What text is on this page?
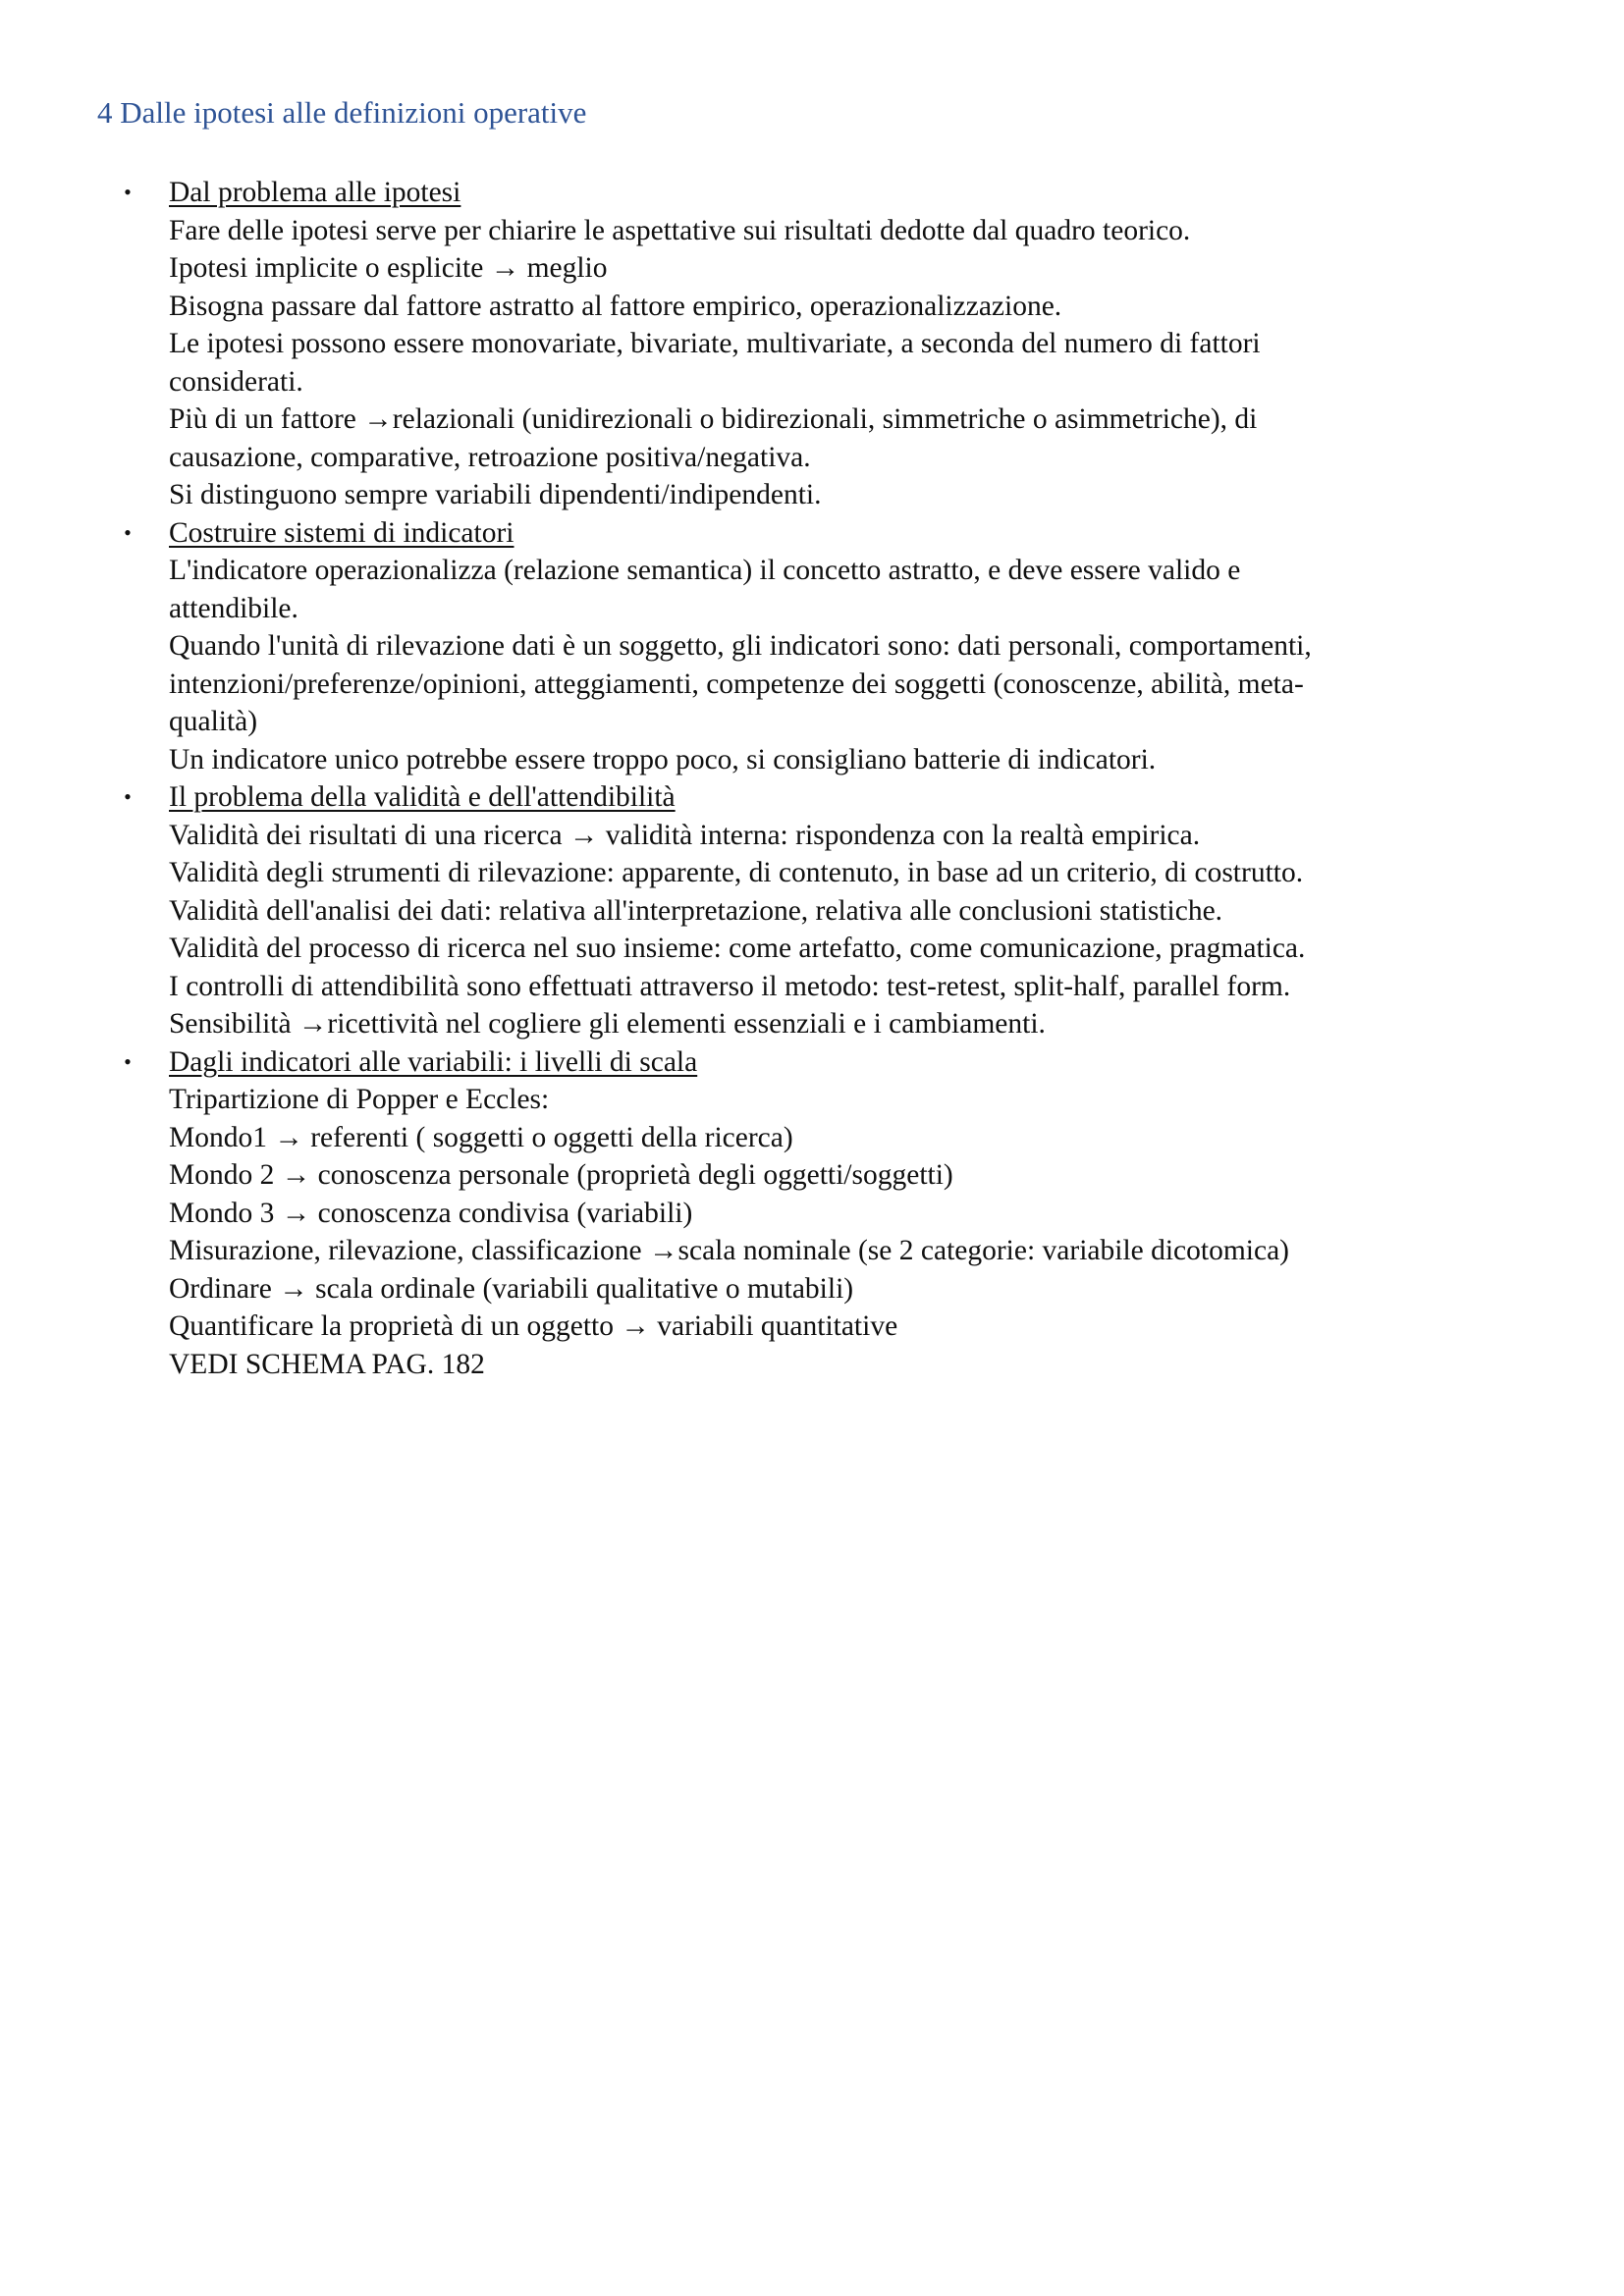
4 Dalle ipotesi alle definizioni operative
• Dal problema alle ipotesi
Fare delle ipotesi serve per chiarire le aspettative sui risultati dedotte dal quadro teorico.
Ipotesi implicite o esplicite → meglio
Bisogna passare dal fattore astratto al fattore empirico, operazionalizzazione.
Le ipotesi possono essere monovariate, bivariate, multivariate, a seconda del numero di fattori
considerati.
Più di un fattore →relazionali (unidirezionali o bidirezionali, simmetriche o asimmetriche), di
causazione, comparative, retroazione positiva/negativa.
Si distinguono sempre variabili dipendenti/indipendenti.
• Costruire sistemi di indicatori
L'indicatore operazionalizza (relazione semantica) il concetto astratto, e deve essere valido e
attendibile.
Quando l'unità di rilevazione dati è un soggetto, gli indicatori sono: dati personali, comportamenti,
intenzioni/preferenze/opinioni, atteggiamenti, competenze dei soggetti (conoscenze, abilità, meta-
qualità)
Un indicatore unico potrebbe essere troppo poco, si consigliano batterie di indicatori.
• Il problema della validità e dell'attendibilità
Validità dei risultati di una ricerca → validità interna: rispondenza con la realtà empirica.
Validità degli strumenti di rilevazione: apparente, di contenuto, in base ad un criterio, di costrutto.
Validità dell'analisi dei dati: relativa all'interpretazione, relativa alle conclusioni statistiche.
Validità del processo di ricerca nel suo insieme: come artefatto, come comunicazione, pragmatica.
I controlli di attendibilità sono effettuati attraverso il metodo: test-retest, split-half, parallel form.
Sensibilità →ricettività nel cogliere gli elementi essenziali e i cambiamenti.
• Dagli indicatori alle variabili: i livelli di scala
Tripartizione di Popper e Eccles:
Mondo1 → referenti ( soggetti o oggetti della ricerca)
Mondo 2 → conoscenza personale (proprietà degli oggetti/soggetti)
Mondo 3 → conoscenza condivisa (variabili)
Misurazione, rilevazione, classificazione →scala nominale (se 2 categorie: variabile dicotomica)
Ordinare → scala ordinale (variabili qualitative o mutabili)
Quantificare la proprietà di un oggetto → variabili quantitative
VEDI SCHEMA PAG. 182
